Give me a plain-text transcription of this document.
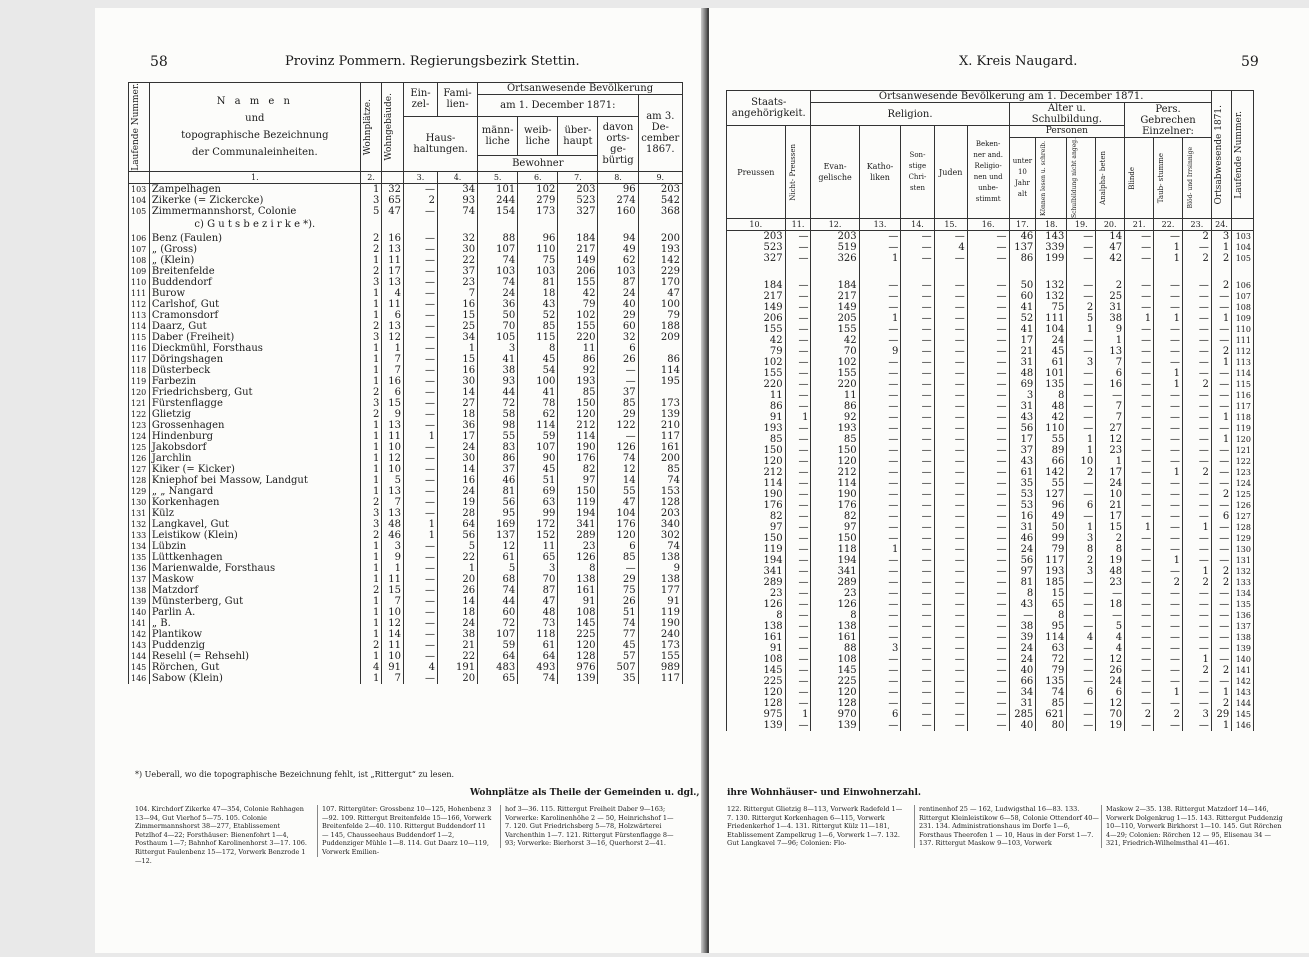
58	Provinz Pommern. Regierungsbezirk Stettin.
Laufende Nummer.	N a m e n
und
topographische Bezeichnung
der Communaleinheiten.	Wohnplätze.	Wohngebäude.	Ein- zel-	Fami- lien-	Ortsanwesende Bevölkerung				
						am 1. December 1871:				am 3. De- cember 1867.
				Haus- haltungen.		männ- liche	weib- liche	über- haupt	davon orts- ge- bürtig	
						Bewohner				
	1.	2.		3.	4.	5.	6.	7.	8.	9.
103	Zampelhagen	1	32	—	34	101	102	203	96	203
104	Zikerke (= Zickercke)	3	65	2	93	244	279	523	274	542
105	Zimmermannshorst, Colonie	5	47	—	74	154	173	327	160	368
	c) G u t s b e z i r k e *).									
106	Benz (Faulen)	2	16	—	32	88	96	184	94	200
107	„ (Gross)	2	13	—	30	107	110	217	49	193
108	„ (Klein)	1	11	—	22	74	75	149	62	142
109	Breitenfelde	2	17	—	37	103	103	206	103	229
110	Buddendorf	3	13	—	23	74	81	155	87	170
111	Burow	1	4	—	7	24	18	42	24	47
112	Carlshof, Gut	1	11	—	16	36	43	79	40	100
113	Cramonsdorf	1	6	—	15	50	52	102	29	79
114	Daarz, Gut	2	13	—	25	70	85	155	60	188
115	Daber (Freiheit)	3	12	—	34	105	115	220	32	209
116	Dieckmühl, Forsthaus	1	1	—	1	3	8	11	6	
117	Döringshagen	1	7	—	15	41	45	86	26	86
118	Düsterbeck	1	7	—	16	38	54	92	—	114
119	Farbezin	1	16	—	30	93	100	193	—	195
120	Friedrichsberg, Gut	2	6	—	14	44	41	85	37	
121	Fürstenflagge	3	15	—	27	72	78	150	85	173
122	Glietzig	2	9	—	18	58	62	120	29	139
123	Grossenhagen	1	13	—	36	98	114	212	122	210
124	Hindenburg	1	11	1	17	55	59	114	—	117
125	Jakobsdorf	1	10	—	24	83	107	190	126	161
126	Jarchlin	1	12	—	30	86	90	176	74	200
127	Kiker (= Kicker)	1	10	—	14	37	45	82	12	85
128	Kniephof bei Massow, Landgut	1	5	—	16	46	51	97	14	74
129	„ „ Nangard	1	13	—	24	81	69	150	55	153
130	Korkenhagen	2	7	—	19	56	63	119	47	128
131	Külz	3	13	—	28	95	99	194	104	203
132	Langkavel, Gut	3	48	1	64	169	172	341	176	340
133	Leistikow (Klein)	2	46	1	56	137	152	289	120	302
134	Lübzin	1	3	—	5	12	11	23	6	74
135	Lüttkenhagen	1	9	—	22	61	65	126	85	138
136	Marienwalde, Forsthaus	1	1	—	1	5	3	8	—	9
137	Maskow	1	11	—	20	68	70	138	29	138
138	Matzdorf	2	15	—	26	74	87	161	75	177
139	Münsterberg, Gut	1	7	—	14	44	47	91	26	91
140	Parlin A.	1	10	—	18	60	48	108	51	119
141	„ B.	1	12	—	24	72	73	145	74	190
142	Plantikow	1	14	—	38	107	118	225	77	240
143	Puddenzig	2	11	—	21	59	61	120	45	173
144	Reselıl (= Rehsehl)	1	10	—	22	64	64	128	57	155
145	Rörchen, Gut	4	91	4	191	483	493	976	507	989
146	Sabow (Klein)	1	7	—	20	65	74	139	35	117
*) Ueberall, wo die topographische Bezeichnung fehlt, ist „Rittergut“ zu lesen.
Wohnplätze als Theile der Gemeinden u. dgl.,
104. Kirchdorf Zikerke 47—354, Colonie Rehhagen 13—94, Gut Vierhof 5—75. 105. Colonie Zimmermannshorst 38—277, Etablissement Petzlhof 4—22; Forsthäuser: Bienenfohrt 1—4, Posthaum 1—7; Bahnhof Karolinenhorst 3—17. 106. Rittergut Faulenbenz 15—172, Vorwerk Benzrode 1—12.
107. Rittergüter: Grossbenz 10—125, Hohenbenz 3—92. 109. Rittergut Breitenfelde 15—166, Vorwerk Breitenfelde 2—40. 110. Rittergut Buddendorf 11 — 145, Chausseehaus Buddendorf 1—2, Puddenziger Mühle 1—8. 114. Gut Daarz 10—119, Vorwerk Emilien-
hof 3—36. 115. Rittergut Freiheit Daber 9—163; Vorwerke: Karolinenhöhe 2 — 50, Heinrichshof 1—7. 120. Gut Friedrichsberg 5—78, Holzwärterei Varchenthin 1—7. 121. Rittergut Fürstenflagge 8—93; Vorwerke: Bierhorst 3—16, Querhorst 2—41.
X. Kreis Naugard.	59
Staats- angehörigkeit.		Ortsanwesende Bevölkerung am 1. December 1871.												Ortsabwesende 1871.	Laufende Nummer.

		Religion.					Alter u. Schulbildung.				Pers. Gebrechen Einzelner:				
Preussen	Nicht- Preussen	Evan- gelische	Katho- liken	Son- stige Chri- sten	Juden	Beken- ner and. Religio- nen und unbe- stimmt	Personen								
							unter 10 Jahr alt	Können lesen u. schreib.	Schulbildung nicht angeg.	Analpha- beten	Blinde	Taub- stumme	Blöd- und Irrsinnige		

10.	11.	12.	13.	14.	15.	16.	17.	18.	19.	20.	21.	22.	23.	24.	
203	—	203	—	—	—	—	46	143	—	14	—	—	2	3	103
523	—	519	—	—	4	—	137	339	—	47	—	1	—	1	104
327	—	326	1	—	—	—	86	199	—	42	—	1	2	2	105

184	—	184	—	—	—	—	50	132	—	2	—	—	—	2	106
217	—	217	—	—	—	—	60	132	—	25	—	—	—	—	107
149	—	149	—	—	—	—	41	75	2	31	—	—	—	—	108
206	—	205	1	—	—	—	52	111	5	38	1	1	—	1	109
155	—	155	—	—	—	—	41	104	1	9	—	—	—	—	110
42	—	42	—	—	—	—	17	24	—	1	—	—	—	—	111
79	—	70	9	—	—	—	21	45	—	13	—	—	—	2	112
102	—	102	—	—	—	—	31	61	3	7	—	—	—	1	113
155	—	155	—	—	—	—	48	101	—	6	—	1	—	—	114
220	—	220	—	—	—	—	69	135	—	16	—	1	2	—	115
11	—	11	—	—	—	—	3	8	—	—	—	—	—	—	116
86	—	86	—	—	—	—	31	48	—	7	—	—	—	—	117
91	1	92	—	—	—	—	43	42	—	7	—	—	—	1	118
193	—	193	—	—	—	—	56	110	—	27	—	—	—	—	119
85	—	85	—	—	—	—	17	55	1	12	—	—	—	1	120
150	—	150	—	—	—	—	37	89	1	23	—	—	—	—	121
120	—	120	—	—	—	—	43	66	10	1	—	—	—	—	122
212	—	212	—	—	—	—	61	142	2	17	—	1	2	—	123
114	—	114	—	—	—	—	35	55	—	24	—	—	—	—	124
190	—	190	—	—	—	—	53	127	—	10	—	—	—	2	125
176	—	176	—	—	—	—	53	96	6	21	—	—	—	—	126
82	—	82	—	—	—	—	16	49	—	17	—	—	—	6	127
97	—	97	—	—	—	—	31	50	1	15	1	—	1	—	128
150	—	150	—	—	—	—	46	99	3	2	—	—	—	—	129
119	—	118	1	—	—	—	24	79	8	8	—	—	—	—	130
194	—	194	—	—	—	—	56	117	2	19	—	1	—	—	131
341	—	341	—	—	—	—	97	193	3	48	—	—	1	2	132
289	—	289	—	—	—	—	81	185	—	23	—	2	2	2	133
23	—	23	—	—	—	—	8	15	—	—	—	—	—	—	134
126	—	126	—	—	—	—	43	65	—	18	—	—	—	—	135
8	—	8	—	—	—	—	—	8	—	—	—	—	—	—	136
138	—	138	—	—	—	—	38	95	—	5	—	—	—	—	137
161	—	161	—	—	—	—	39	114	4	4	—	—	—	—	138
91	—	88	3	—	—	—	24	63	—	4	—	—	—	—	139
108	—	108	—	—	—	—	24	72	—	12	—	—	1	—	140
145	—	145	—	—	—	—	40	79	—	26	—	—	2	2	141
225	—	225	—	—	—	—	66	135	—	24	—	—	—	—	142
120	—	120	—	—	—	—	34	74	6	6	—	1	—	1	143
128	—	128	—	—	—	—	31	85	—	12	—	—	—	2	144
975	1	970	6	—	—	—	285	621	—	70	2	2	3	29	145
139	—	139	—	—	—	—	40	80	—	19	—	—	—	1	146
ihre Wohnhäuser- und Einwohnerzahl.
122. Rittergut Glietzig 8—113, Vorwerk Radefeld 1—7. 130. Rittergut Korkenhagen 6—115, Vorwerk Friedenkerhof 1—4. 131. Rittergut Külz 11—181, Etablissement Zampelkrug 1—6, Vorwerk 1—7. 132. Gut Langkavel 7—96; Colonien: Flo-
rentinenhof 25 — 162, Ludwigsthal 16—83. 133. Rittergut Kleinleistikow 6—58, Colonie Ottendorf 40—231. 134. Administrationshaus im Dorfe 1—6, Forsthaus Theerofen 1 — 10, Haus in der Forst 1—7. 137. Rittergut Maskow 9—103, Vorwerk
Maskow 2—35. 138. Rittergut Matzdorf 14—146, Vorwerk Dolgenkrug 1—15. 143. Rittergut Puddenzig 10—110, Vorwerk Birkhorst 1—10. 145. Gut Rörchen 4—29; Colonien: Rörchen 12 — 95, Elisenau 34 — 321, Friedrich-Wilhelmsthal 41—461.
